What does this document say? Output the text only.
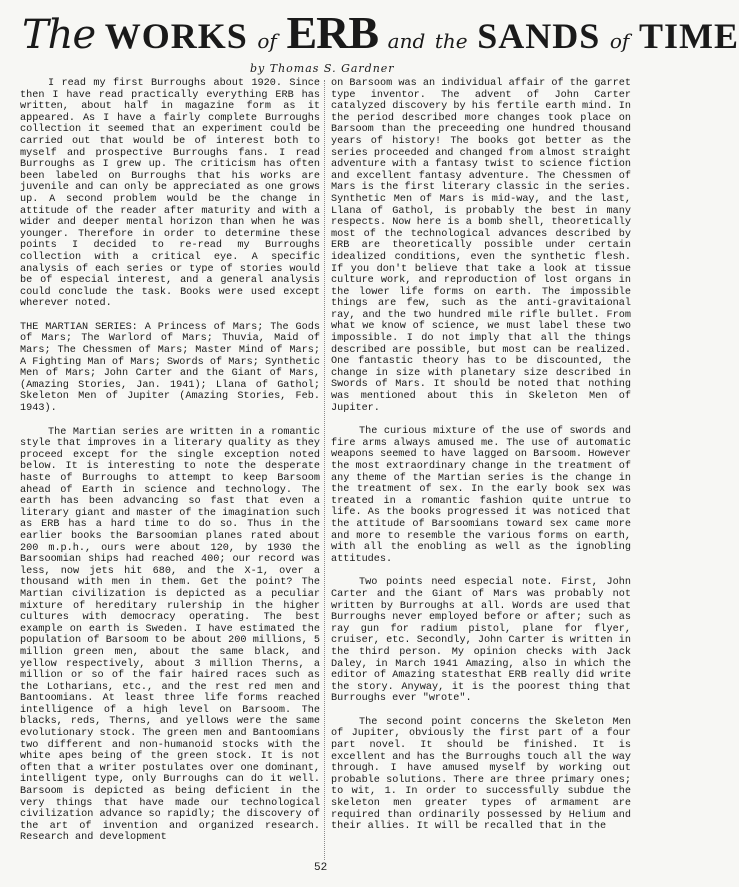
The WORKS of ERB and the SANDS of TIME
by Thomas S. Gardner

I read my first Burroughs about 1920. Since then I have read practically everything ERB has written, about half in magazine form as it appeared. As I have a fairly complete Burroughs collection it seemed that an experiment could be carried out that would be of interest both to myself and prospective Burroughs fans. I read Burroughs as I grew up. The criticism has often been labeled on Burroughs that his works are juvenile and can only be appreciated as one grows up. A second problem would be the change in attitude of the reader after maturity and with a wider and deeper mental horizon than when he was younger. Therefore in order to determine these points I decided to re-read my Burroughs collection with a critical eye. A specific analysis of each series or type of stories would be of especial interest, and a general analysis could conclude the task. Books were used except wherever noted.

THE MARTIAN SERIES: A Princess of Mars; The Gods of Mars; The Warlord of Mars; Thuvia, Maid of Mars; The Chessmen of Mars; Master Mind of Mars; A Fighting Man of Mars; Swords of Mars; Synthetic Men of Mars; John Carter and the Giant of Mars,(Amazing Stories, Jan. 1941); Llana of Gathol; Skeleton Men of Jupiter (Amazing Stories, Feb. 1943).

The Martian series are written in a romantic style that improves in a literary quality as they proceed except for the single exception noted below. It is interesting to note the desperate haste of Burroughs to attempt to keep Barsoom ahead of Earth in science and technology. The earth has been advancing so fast that even a literary giant and master of the imagination such as ERB has a hard time to do so. Thus in the earlier books the Barsoomian planes rated about 200 m.p.h., ours were about 120, by 1930 the Barsoomian ships had reached 400; our record was less, now jets hit 680, and the X-1, over a thousand with men in them. Get the point? The Martian civilization is depicted as a peculiar mixture of hereditary rulership in the higher cultures with democracy operating. The best example on earth is Sweden. I have estimated the population of Barsoom to be about 200 millions, 5 million green men, about the same black, and yellow respectively, about 3 million Therns, a million or so of the fair haired races such as the Lotharians, etc., and the rest red men and Bantoomians. At least three life forms reached intelligence of a high level on Barsoom. The blacks, reds, Therns, and yellows were the same evolutionary stock. The green men and Bantoomians two different and non-humanoid stocks with the white apes being of the green stock. It is not often that a writer postulates over one dominant, intelligent type, only Burroughs can do it well. Barsoom is depicted as being deficient in the very things that have made our technological civilization advance so rapidly; the discovery of the art of invention and organized research. Research and development

on Barsoom was an individual affair of the garret type inventor. The advent of John Carter catalyzed discovery by his fertile earth mind. In the period described more changes took place on Barsoom than the preceeding one hundred thousand years of history! The books got better as the series proceeded and changed from almost straight adventure with a fantasy twist to science fiction and excellent fantasy adventure. The Chessmen of Mars is the first literary classic in the series. Synthetic Men of Mars is mid-way, and the last, Llana of Gathol, is probably the best in many respects. Now here is a bomb shell, theoretically most of the technological advances described by ERB are theoretically possible under certain idealized conditions, even the synthetic flesh. If you don't believe that take a look at tissue culture work, and reproduction of lost organs in the lower life forms on earth. The impossible things are few, such as the anti-gravitaional ray, and the two hundred mile rifle bullet. From what we know of science, we must label these two impossible. I do not imply that all the things described are possible, but most can be realized. One fantastic theory has to be discounted, the change in size with planetary size described in Swords of Mars. It should be noted that nothing was mentioned about this in Skeleton Men of Jupiter.

The curious mixture of the use of swords and fire arms always amused me. The use of automatic weapons seemed to have lagged on Barsoom. However the most extraordinary change in the treatment of any theme of the Martian series is the change in the treatment of sex. In the early book sex was treated in a romantic fashion quite untrue to life. As the books progressed it was noticed that the attitude of Barsoomians toward sex came more and more to resemble the various forms on earth, with all the enobling as well as the ignobling attitudes.

Two points need especial note. First, John Carter and the Giant of Mars was probably not written by Burroughs at all. Words are used that Burroughs never employed before or after; such as ray gun for radium pistol, plane for flyer, cruiser, etc. Secondly, John Carter is written in the third person. My opinion checks with Jack Daley, in March 1941 Amazing, also in which the editor of Amazing statesthat ERB really did write the story. Anyway, it is the poorest thing that Burroughs ever "wrote".

The second point concerns the Skeleton Men of Jupiter, obviously the first part of a four part novel. It should be finished. It is excellent and has the Burroughs touch all the way through. I have amused myself by working out probable solutions. There are three primary ones; to wit, 1. In order to successfully subdue the skeleton men greater types of armament are required than ordinarily possessed by Helium and their allies. It will be recalled that in the

52
